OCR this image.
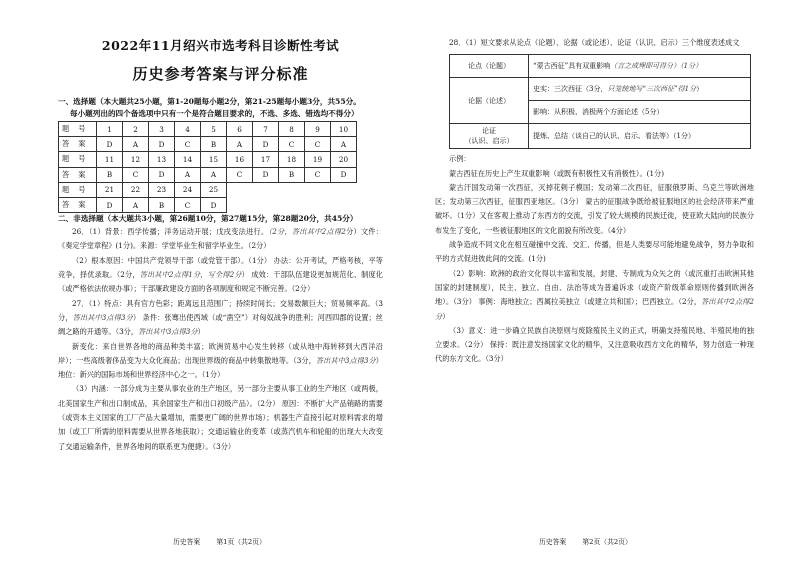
2022年11月绍兴市选考科目诊断性考试
历史参考答案与评分标准
一、选择题（本大题共25小题，第1-20题每小题2分，第21-25题每小题3分，共55分。
每小题列出的四个备选项中只有一个是符合题目要求的，不选、多选、错选均不得分）
题号	1	2	3	4	5	6	7	8	9	10
答案	D	A	D	C	B	A	D	C	C	A
题号	11	12	13	14	15	16	17	18	19	20
答案	B	C	D	A	A	C	D	B	C	D
题号	21	22	23	24	25					
答案	D	A	B	C	D					
二、非选择题（本大题共3小题，第26题10分，第27题15分，第28题20分，共45分）

26．（1）背景：西学传播；洋务运动开展；戊戌变法进行。（2分，答出其中2点得2分）文件：《奏定学堂章程》(1分)。来源：学堂毕业生和留学毕业生。（2分）

（2）根本原因：中国共产党领导干部（或党管干部）。（1分） 办法：公开考试，严格考核，平等竞争，择优录取。（2分，答出其中2点得1分，写全得2分） 成效：干部队伍建设更加规范化、制度化（或严格依法依规办事）；干部廉政建设方面的各项制度和规定不断完善。（2分）

27．（1）特点：具有官方色彩；距离远且范围广；持续时间长；交易数额巨大；贸易频率高。（3分，答出其中3点得3分） 条件：张骞出使西域（或“凿空”）对匈奴战争的胜利；河西四郡的设置；丝绸之路的开通等。（3分，答出其中3点得3分）

新变化：来自世界各地的商品种类丰富；欧洲贸易中心发生转移（或从地中海转移到大西洋沿岸）；一些高级奢侈品变为大众化商品；出现世界级的商品中转集散地等。（3分，答出其中3点得3分） 地位：新兴的国际市场和世界经济中心之一。（1分）

（3）内涵：一部分成为主要从事农业的生产地区，另一部分主要从事工业的生产地区（或两极，北美国家生产和出口制成品，其余国家生产和出口初级产品）。（2分） 原因：不断扩大产品销路的需要（或资本主义国家的工厂产品大量增加，需要更广阔的世界市场）；机器生产直接引起对原料需求的增加（或工厂所需的原料需要从世界各地获取）；交通运输业的变革（或蒸汽机车和轮船的出现大大改变了交通运输条件，世界各地间的联系更为便捷）。（3分）

历史答案 第1页（共2页）

28．（1）短文要求从论点（论题）、论据（或论述）、论证（认识、启示）三个维度表述成文

论点（论题）	“蒙古西征”具有双重影响（言之成理即可得分）（1分）
论据（论述）	史实：三次西征（3分，只笼统地写“三次西征”得1分）
	影响：从积极、消极两个方面论述（5分）
论证
（认识、启示）	提炼、总结（谈自己的认识、启示、看法等）（1分）

示例：

蒙古西征在历史上产生双重影响（或既有积极性又有消极性）。(1分)

蒙古汗国发动第一次西征，灭掉花剌子模国；发动第二次西征，征服俄罗斯、乌克兰等欧洲地区；发动第三次西征，征服西亚地区。（3分） 蒙古的征服战争既给被征服地区的社会经济带来严重破坏。（1分）又在客观上推动了东西方的交流，引发了较大规模的民族迁徙，使亚欧大陆向的民族分布发生了变化，一些被征服地区的文化面貌有所改变。（4分）

战争造成不同文化在相互碰撞中交流、交汇、传播，但是人类要尽可能地避免战争，努力争取和平的方式促进彼此间的交流。(1分)

（2）影响：欧洲的政治文化得以丰富和发展，封建、专制成为众矢之的（或沉重打击欧洲其他国家的封建制度），民主、独立、自由、法治等成为普遍诉求（或资产阶级革命原则传播到欧洲各地）。（3分） 事例：海地独立；西属拉美独立（或建立共和国）；巴西独立。（2分，答出其中2点得2分）

（3）意义：进一步确立民族自决原则与废除殖民主义的正式，明确支持殖民地、半殖民地的独立要求。（2分） 保持：既注意发扬国家文化的精华，又注意吸收西方文化的精华，努力创造一种现代的东方文化。（3分）

历史答案 第2页（共2页）
